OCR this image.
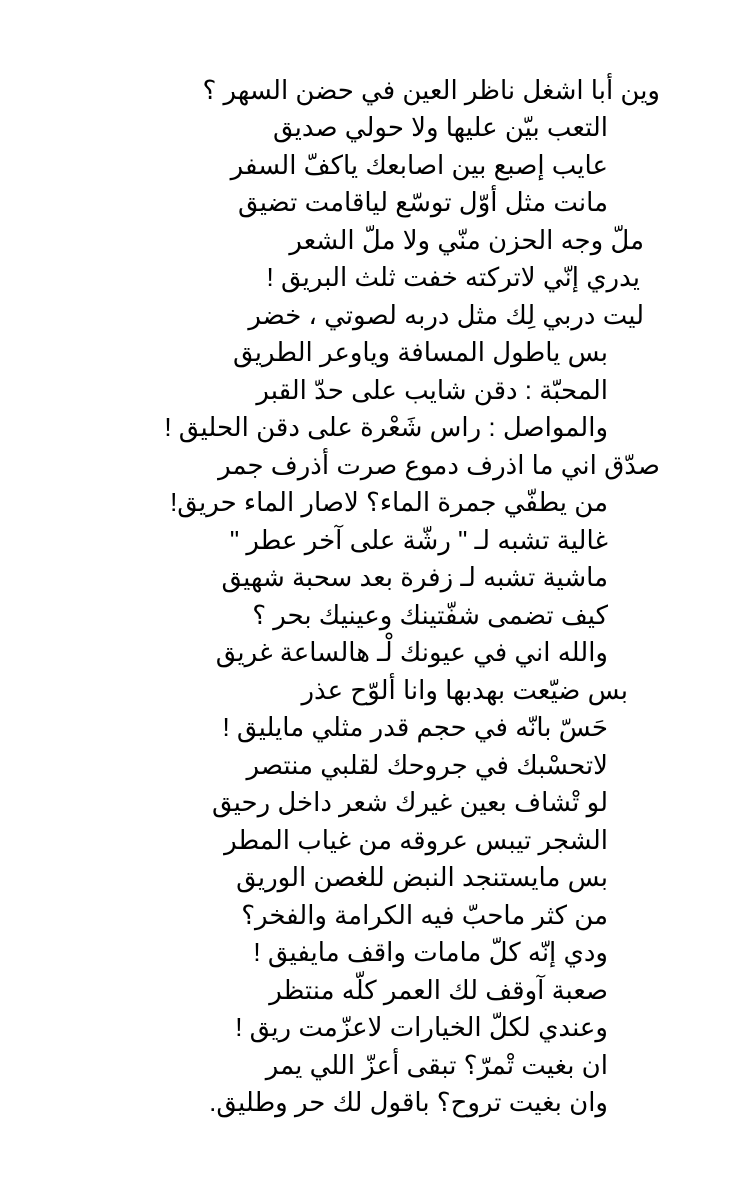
وين أبا اشغل ناظر العين في حضن السهر ؟
التعب بيّن عليها ولا حولي صديق
عايب إصبع بين اصابعك ياكفّ السفر
مانت مثل أوّل توسّع لياقامت تضيق
ملّ وجه الحزن منّي ولا ملّ الشعر
يدري إنّي لاتركته خفت ثلث البريق !
ليت دربي لِك مثل دربه لصوتي ، خضر
بس ياطول المسافة وياوعر الطريق
المحبّة : دقن شايب على حدّ القبر
والمواصل : راس شَعْرة على دقن الحليق !
صدّق اني ما اذرف دموع صرت أذرف جمر
من يطفّي جمرة الماء؟ لاصار الماء حريق!
غالية تشبه لـ " رشّة على آخر عطر "
ماشية تشبه لـ زفرة بعد سحبة شهيق
كيف تضمى شفّتينك وعينيك بحر ؟
والله اني في عيونك لْـ هالساعة غريق
بس ضيّعت بهدبها وانا ألوّح عذر
حَسّ بانّه في حجم قدر مثلي مايليق !
لاتحسْبك في جروحك لقلبي منتصر
لو تْشاف بعين غيرك شعر داخل رحيق
الشجر تيبس عروقه من غياب المطر
بس مايستنجد النبض للغصن الوريق
من كثر ماحبّ فيه الكرامة والفخر؟
ودي إنّه كلّ مامات واقف مايفيق !
صعبة آوقف لك العمر كلّه منتظر
وعندي لكلّ الخيارات لاعزّمت ريق !
ان بغيت تْمرّ؟ تبقى أعزّ اللي يمر
وان بغيت تروح؟ باقول لك حر وطليق.
